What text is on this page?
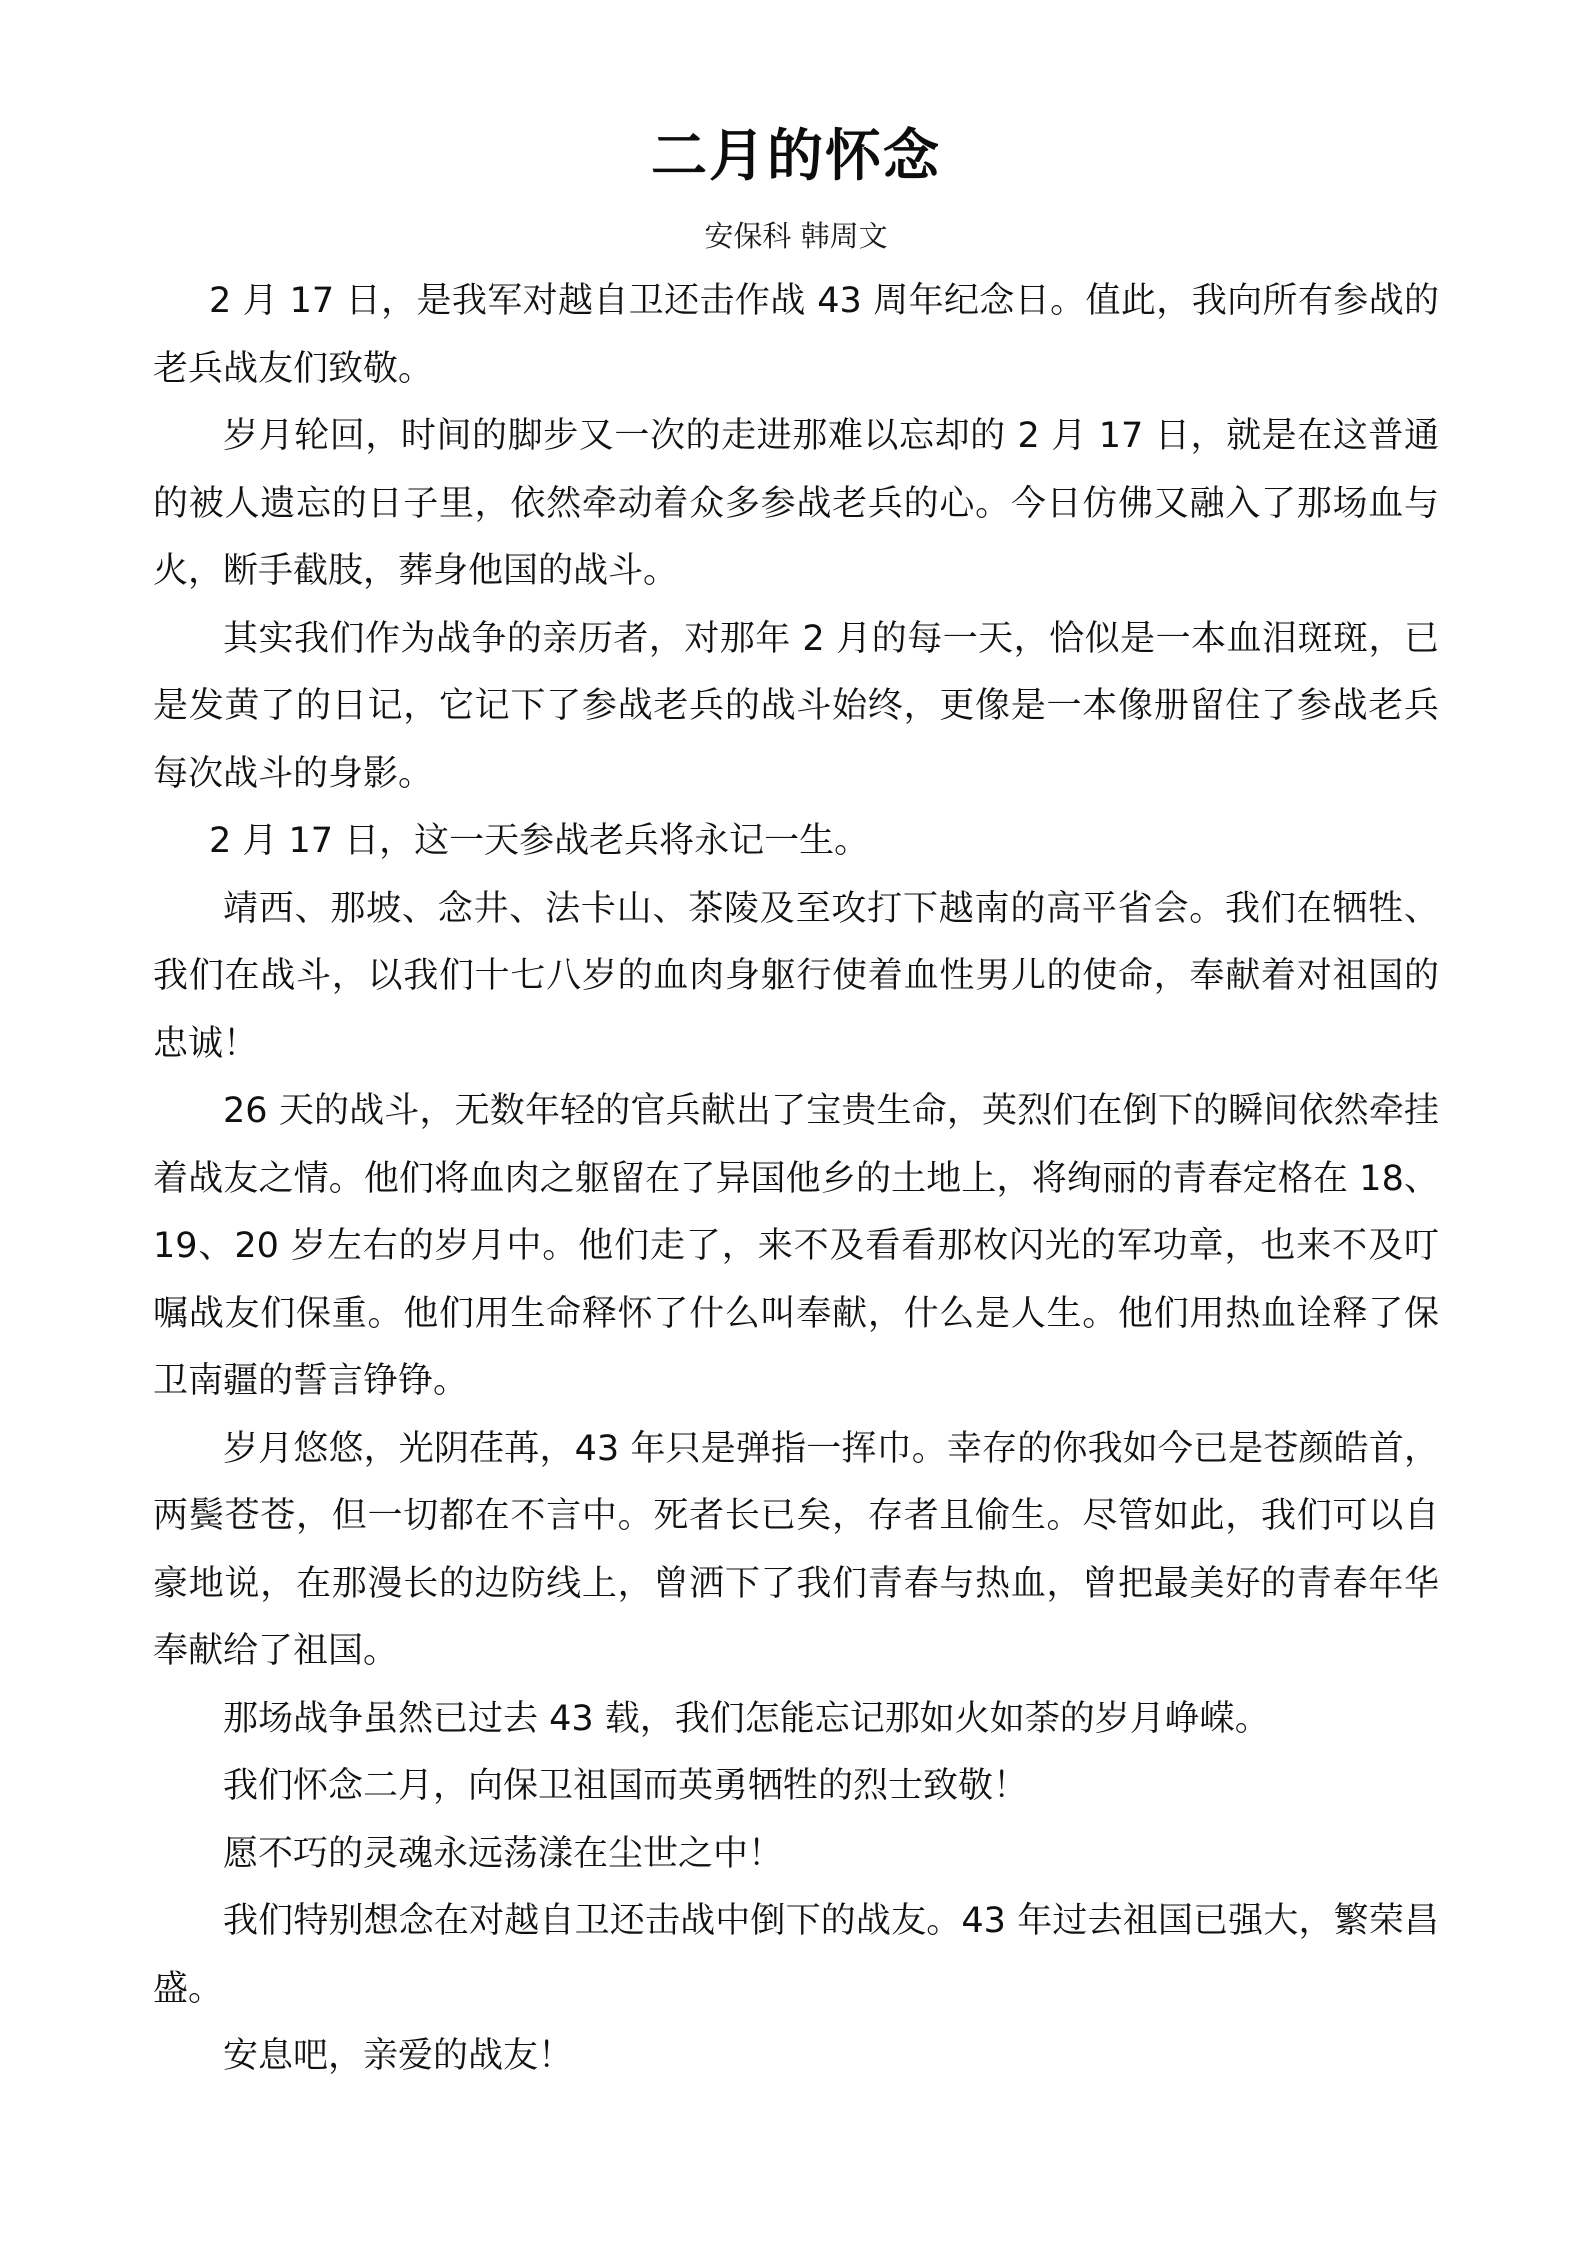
二月的怀念
安保科 韩周文

2 月 17 日，是我军对越自卫还击作战 43 周年纪念日。值此，我向所有参战的老兵战友们致敬。

岁月轮回，时间的脚步又一次的走进那难以忘却的 2 月 17 日，就是在这普通的被人遗忘的日子里，依然牵动着众多参战老兵的心。今日仿佛又融入了那场血与火，断手截肢，葬身他国的战斗。

其实我们作为战争的亲历者，对那年 2 月的每一天，恰似是一本血泪斑斑，已是发黄了的日记，它记下了参战老兵的战斗始终，更像是一本像册留住了参战老兵每次战斗的身影。

2 月 17 日，这一天参战老兵将永记一生。

靖西、那坡、念井、法卡山、茶陵及至攻打下越南的高平省会。我们在牺牲、我们在战斗，以我们十七八岁的血肉身躯行使着血性男儿的使命，奉献着对祖国的忠诚！

26 天的战斗，无数年轻的官兵献出了宝贵生命，英烈们在倒下的瞬间依然牵挂着战友之情。他们将血肉之躯留在了异国他乡的土地上，将绚丽的青春定格在 18、19、20 岁左右的岁月中。他们走了，来不及看看那枚闪光的军功章，也来不及叮嘱战友们保重。他们用生命释怀了什么叫奉献，什么是人生。他们用热血诠释了保卫南疆的誓言铮铮。

岁月悠悠，光阴荏苒，43 年只是弹指一挥巾。幸存的你我如今已是苍颜皓首，两鬓苍苍，但一切都在不言中。死者长已矣，存者且偷生。尽管如此，我们可以自豪地说，在那漫长的边防线上，曾洒下了我们青春与热血，曾把最美好的青春年华奉献给了祖国。

那场战争虽然已过去 43 载，我们怎能忘记那如火如荼的岁月峥嵘。

我们怀念二月，向保卫祖国而英勇牺牲的烈士致敬！

愿不巧的灵魂永远荡漾在尘世之中！

我们特别想念在对越自卫还击战中倒下的战友。43 年过去祖国已强大，繁荣昌盛。

安息吧，亲爱的战友！
